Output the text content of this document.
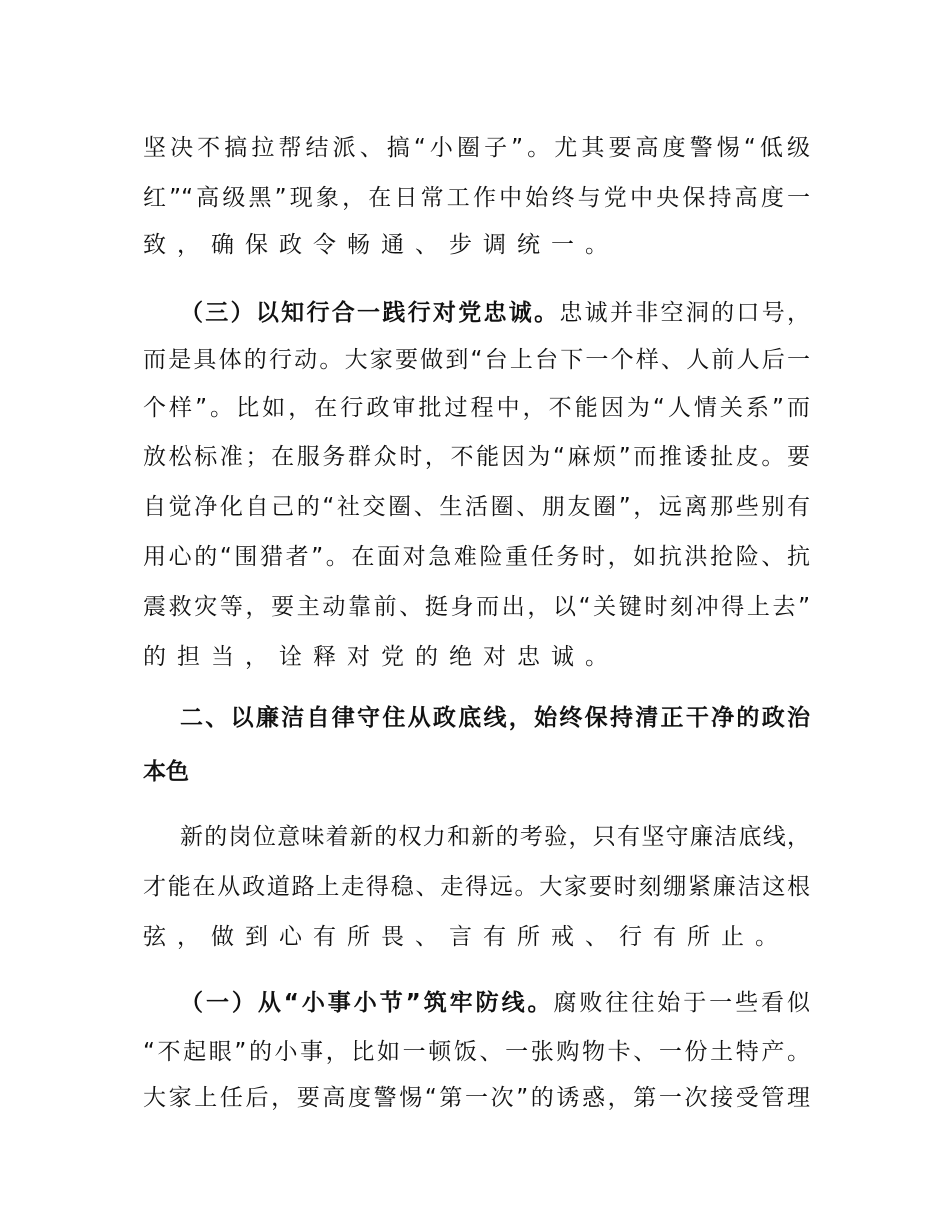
坚决不搞拉帮结派、搞“小圈子”。尤其要高度警惕“低级
红”“高级黑”现象，在日常工作中始终与党中央保持高度一
致，确保政令畅通、步调统一。
（三）以知行合一践行对党忠诚。忠诚并非空洞的口号，
而是具体的行动。大家要做到“台上台下一个样、人前人后一
个样”。比如，在行政审批过程中，不能因为“人情关系”而
放松标准；在服务群众时，不能因为“麻烦”而推诿扯皮。要
自觉净化自己的“社交圈、生活圈、朋友圈”，远离那些别有
用心的“围猎者”。在面对急难险重任务时，如抗洪抢险、抗
震救灾等，要主动靠前、挺身而出，以“关键时刻冲得上去”
的担当，诠释对党的绝对忠诚。
二、以廉洁自律守住从政底线，始终保持清正干净的政治
本色
新的岗位意味着新的权力和新的考验，只有坚守廉洁底线，
才能在从政道路上走得稳、走得远。大家要时刻绷紧廉洁这根
弦，做到心有所畏、言有所戒、行有所止。
（一）从“小事小节”筑牢防线。腐败往往始于一些看似
“不起眼”的小事，比如一顿饭、一张购物卡、一份土特产。
大家上任后，要高度警惕“第一次”的诱惑，第一次接受管理
